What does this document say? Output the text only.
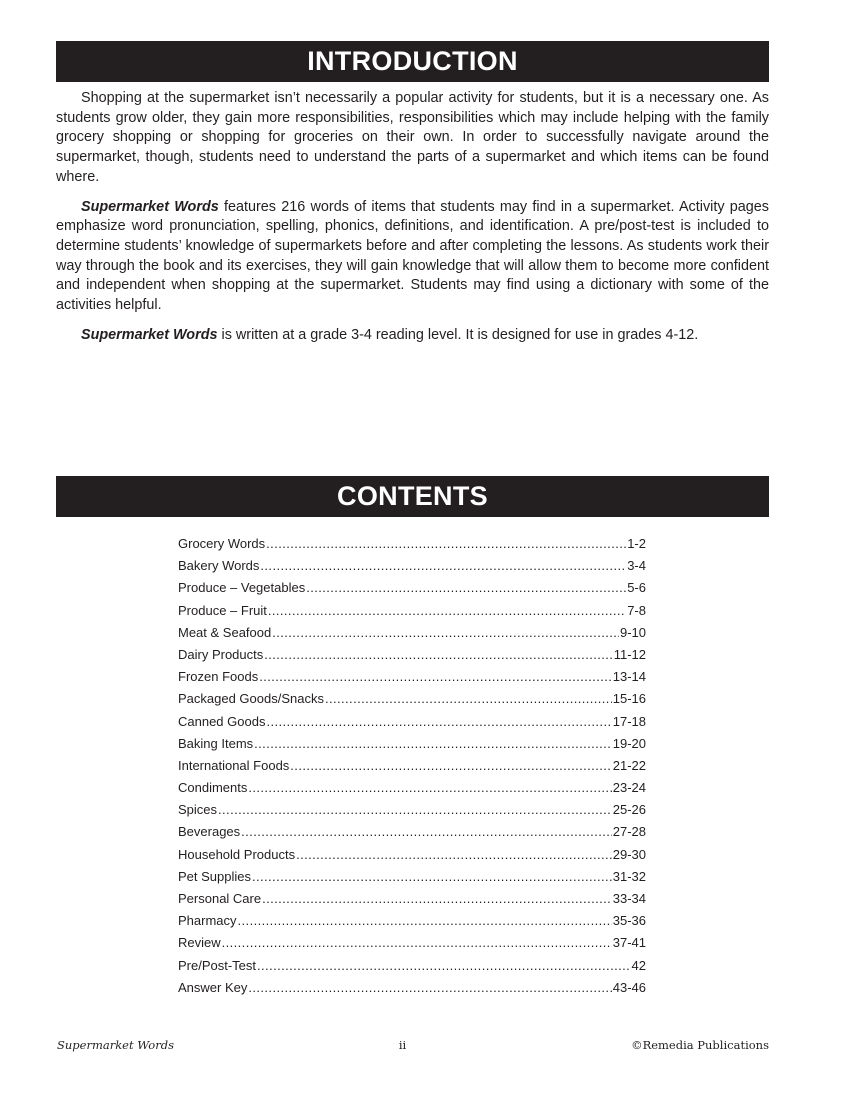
INTRODUCTION

Shopping at the supermarket isn’t necessarily a popular activity for students, but it is a necessary one. As students grow older, they gain more responsibilities, responsibilities which may include helping with the family grocery shopping or shopping for groceries on their own. In order to successfully navigate around the supermarket, though, students need to understand the parts of a supermarket and which items can be found where.

Supermarket Words features 216 words of items that students may find in a supermarket. Activity pages emphasize word pronunciation, spelling, phonics, definitions, and identification. A pre/post-test is included to determine students’ knowledge of supermarkets before and after completing the lessons. As students work their way through the book and its exercises, they will gain knowledge that will allow them to become more confident and independent when shopping at the supermarket. Students may find using a dictionary with some of the activities helpful.

Supermarket Words is written at a grade 3-4 reading level. It is designed for use in grades 4-12.

CONTENTS
Grocery Words .....	1-2
Bakery Words .....	3-4
Produce – Vegetables .....	5-6
Produce – Fruit .....	7-8
Meat & Seafood .....	9-10
Dairy Products .....	11-12
Frozen Foods .....	13-14
Packaged Goods/Snacks .....	15-16
Canned Goods .....	17-18
Baking Items .....	19-20
International Foods .....	21-22
Condiments .....	23-24
Spices .....	25-26
Beverages .....	27-28
Household Products .....	29-30
Pet Supplies .....	31-32
Personal Care .....	33-34
Pharmacy .....	35-36
Review .....	37-41
Pre/Post-Test .....	42
Answer Key .....	43-46
Supermarket Words	ii	©Remedia Publications
